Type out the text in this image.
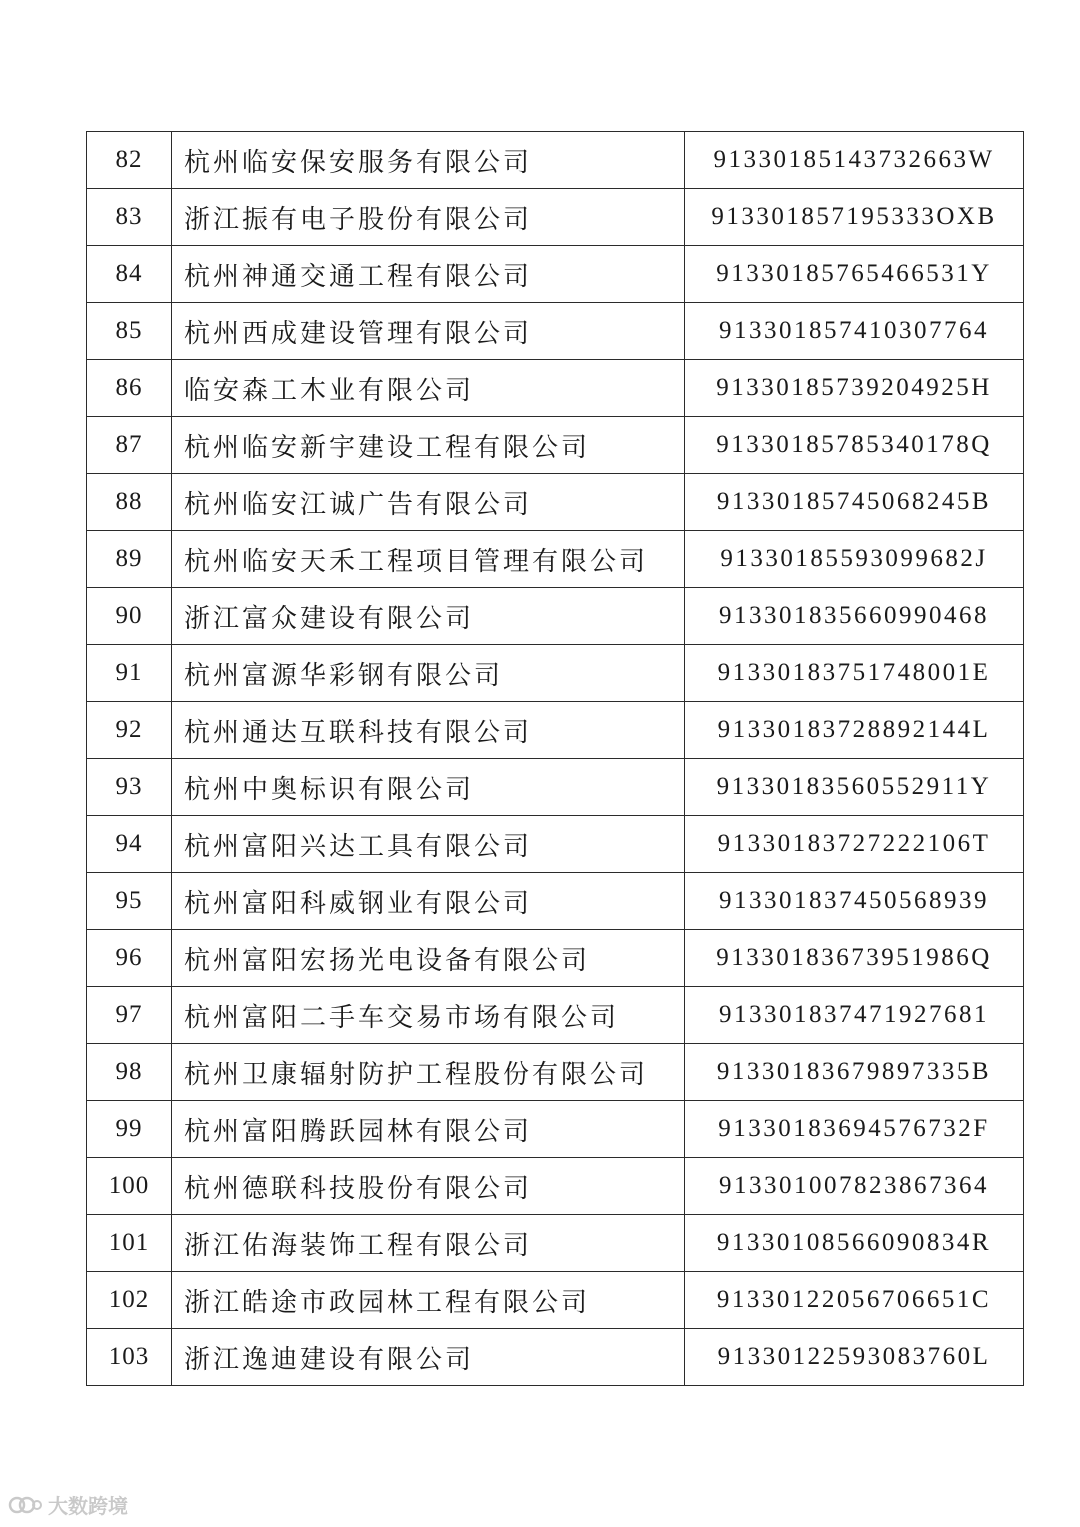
82	杭州临安保安服务有限公司	9133018514373266​3W
83	浙江振有电子股份有限公司	913301857195333OXB
84	杭州神通交通工程有限公司	91330185765466531Y
85	杭州西成建设管理有限公司	913301857410307764
86	临安森工木业有限公司	91330185739204925H
87	杭州临安新宇建设工程有限公司	91330185785340178Q
88	杭州临安江诚广告有限公司	91330185745068245B
89	杭州临安天禾工程项目管理有限公司	91330185593099682J
90	浙江富众建设有限公司	913301835660990468
91	杭州富源华彩钢有限公司	91330183751748001E
92	杭州通达互联科技有限公司	91330183728892144L
93	杭州中奥标识有限公司	91330183560552911Y
94	杭州富阳兴达工具有限公司	91330183727222106T
95	杭州富阳科威钢业有限公司	913301837450568939
96	杭州富阳宏扬光电设备有限公司	91330183673951986Q
97	杭州富阳二手车交易市场有限公司	913301837471927681
98	杭州卫康辐射防护工程股份有限公司	91330183679897335B
99	杭州富阳腾跃园林有限公司	91330183694576732F
100	杭州德联科技股份有限公司	913301007823867364
101	浙江佑海装饰工程有限公司	91330108566090834R
102	浙江皓途市政园林工程有限公司	91330122056706651C
103	浙江逸迪建设有限公司	91330122593083760L
大数跨境
